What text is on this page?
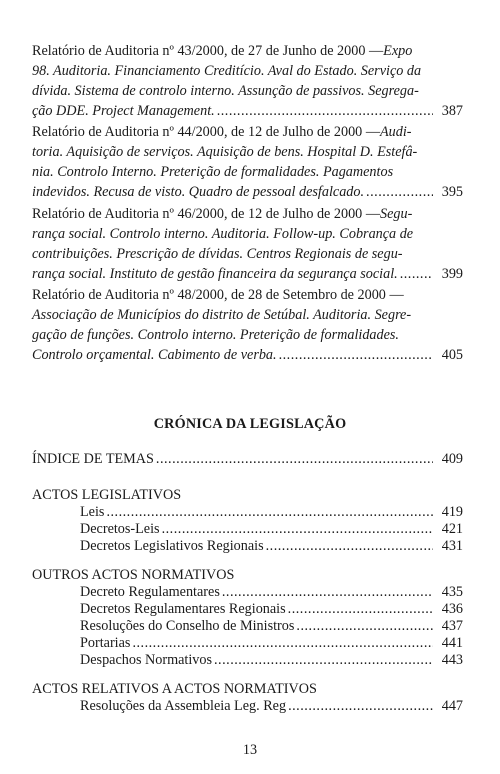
Relatório de Auditoria nº 43/2000, de 27 de Junho de 2000 — Expo
98. Auditoria. Financiamento Creditício. Aval do Estado. Serviço da
dívida. Sistema de controlo interno. Assunção de passivos. Segrega-
ção DDE. Project Management. .....	387
Relatório de Auditoria nº 44/2000, de 12 de Julho de 2000 — Audi-
toria. Aquisição de serviços. Aquisição de bens. Hospital D. Estefâ-
nia. Controlo Interno. Preterição de formalidades. Pagamentos
indevidos. Recusa de visto. Quadro de pessoal desfalcado. .....	395
Relatório de Auditoria nº 46/2000, de 12 de Julho de 2000 — Segu-
rança social. Controlo interno. Auditoria. Follow-up. Cobrança de
contribuições. Prescrição de dívidas. Centros Regionais de segu-
rança social. Instituto de gestão financeira da segurança social. .....	399
Relatório de Auditoria nº 48/2000, de 28 de Setembro de 2000 —
Associação de Municípios do distrito de Setúbal. Auditoria. Segre-
gação de funções. Controlo interno. Preterição de formalidades.
Controlo orçamental. Cabimento de verba. .....	405
CRÓNICA DA LEGISLAÇÃO
ÍNDICE DE TEMAS .....	409
ACTOS LEGISLATIVOS
Leis .....	419
Decretos-Leis .....	421
Decretos Legislativos Regionais .....	431
OUTROS ACTOS NORMATIVOS
Decreto Regulamentares .....	435
Decretos Regulamentares Regionais .....	436
Resoluções do Conselho de Ministros .....	437
Portarias .....	441
Despachos Normativos .....	443
ACTOS RELATIVOS A ACTOS NORMATIVOS
Resoluções da Assembleia Leg. Reg .....	447
13
